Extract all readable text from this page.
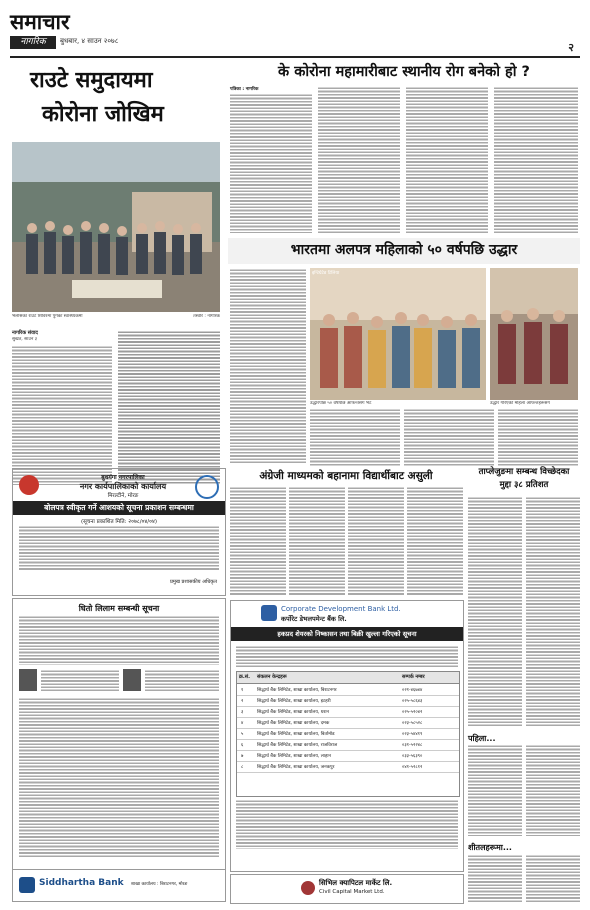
समाचार
नागरिक	बुधबार, ४ साउन २०७८	२
राउटे समुदायमा
कोरोना जोखिम
भेलीसका राउटे शिविरमा पुगेका स्वास्थ्यकर्मी	तस्वीर : नागरिक
नागरिक संवाद
सुर्खेत, साउन ३
के कोरोना महामारीबाट स्थानीय रोग बनेको हो ?
पत्रिका : नागरिक
भारतमा अलपत्र महिलाको ५० वर्षपछि उद्धार
इन्टिग्रेटेड टिलिया
उद्धारपछि ५० वर्षपछि आफन्तसँग भेट	उद्धार गरिएकी महिला आफन्तहरूसँग
बुधगंगा नगरपालिका
नगर कार्यपालिकाको कार्यालय
मिरल्टीने, मोरङ
बोलपत्र स्वीकृत गर्ने आशयको सूचना प्रकाशन सम्बन्धमा
(सूचना प्रकाशित मिति: २०७८/०४/०४)
प्रमुख प्रशासकीय अधिकृत
अंग्रेजी माध्यमको बहानामा विद्यार्थीबाट असुली	ताप्लेजुङमा सम्बन्ध विच्छेदका
मुद्दा ३८ प्रतिशत
धितो लिलाम सम्बन्धी सूचना
Siddhartha Bank शाखा कार्यालय : बिराटनगर, मोरङ
Corporate Development Bank Ltd.
कर्पोरेट डेभलपमेन्ट बैंक लि.
हकप्रद शेयरको निष्कासन तथा बिक्री खुल्ला गरिएको सूचना
क्र.सं. संकलन केन्द्रहरू	सम्पर्क नम्बर
१	सिद्धार्थ बैंक लिमिटेड, शाखा कार्यालय, बिराटनगर	०२१-४६७४४
२	सिद्धार्थ बैंक लिमिटेड, शाखा कार्यालय, इटहरी	०२५-५८६४३
३	सिद्धार्थ बैंक लिमिटेड, शाखा कार्यालय, धरान	०२५-५२०४२
४	सिद्धार्थ बैंक लिमिटेड, शाखा कार्यालय, दमक	०२३-५८५२८
५	सिद्धार्थ बैंक लिमिटेड, शाखा कार्यालय, बिर्तामोड	०२३-५४४१९
६	सिद्धार्थ बैंक लिमिटेड, शाखा कार्यालय, राजविराज	०३१-५२२४८
७	सिद्धार्थ बैंक लिमिटेड, शाखा कार्यालय, लाहान	०३३-५६३९०
८	सिद्धार्थ बैंक लिमिटेड, शाखा कार्यालय, जनकपुर	०४१-५२८१२
सिभिल क्यापिटल मार्केट लि.
Civil Capital Market Ltd.
पहिला...
शीतलहरूमा...
